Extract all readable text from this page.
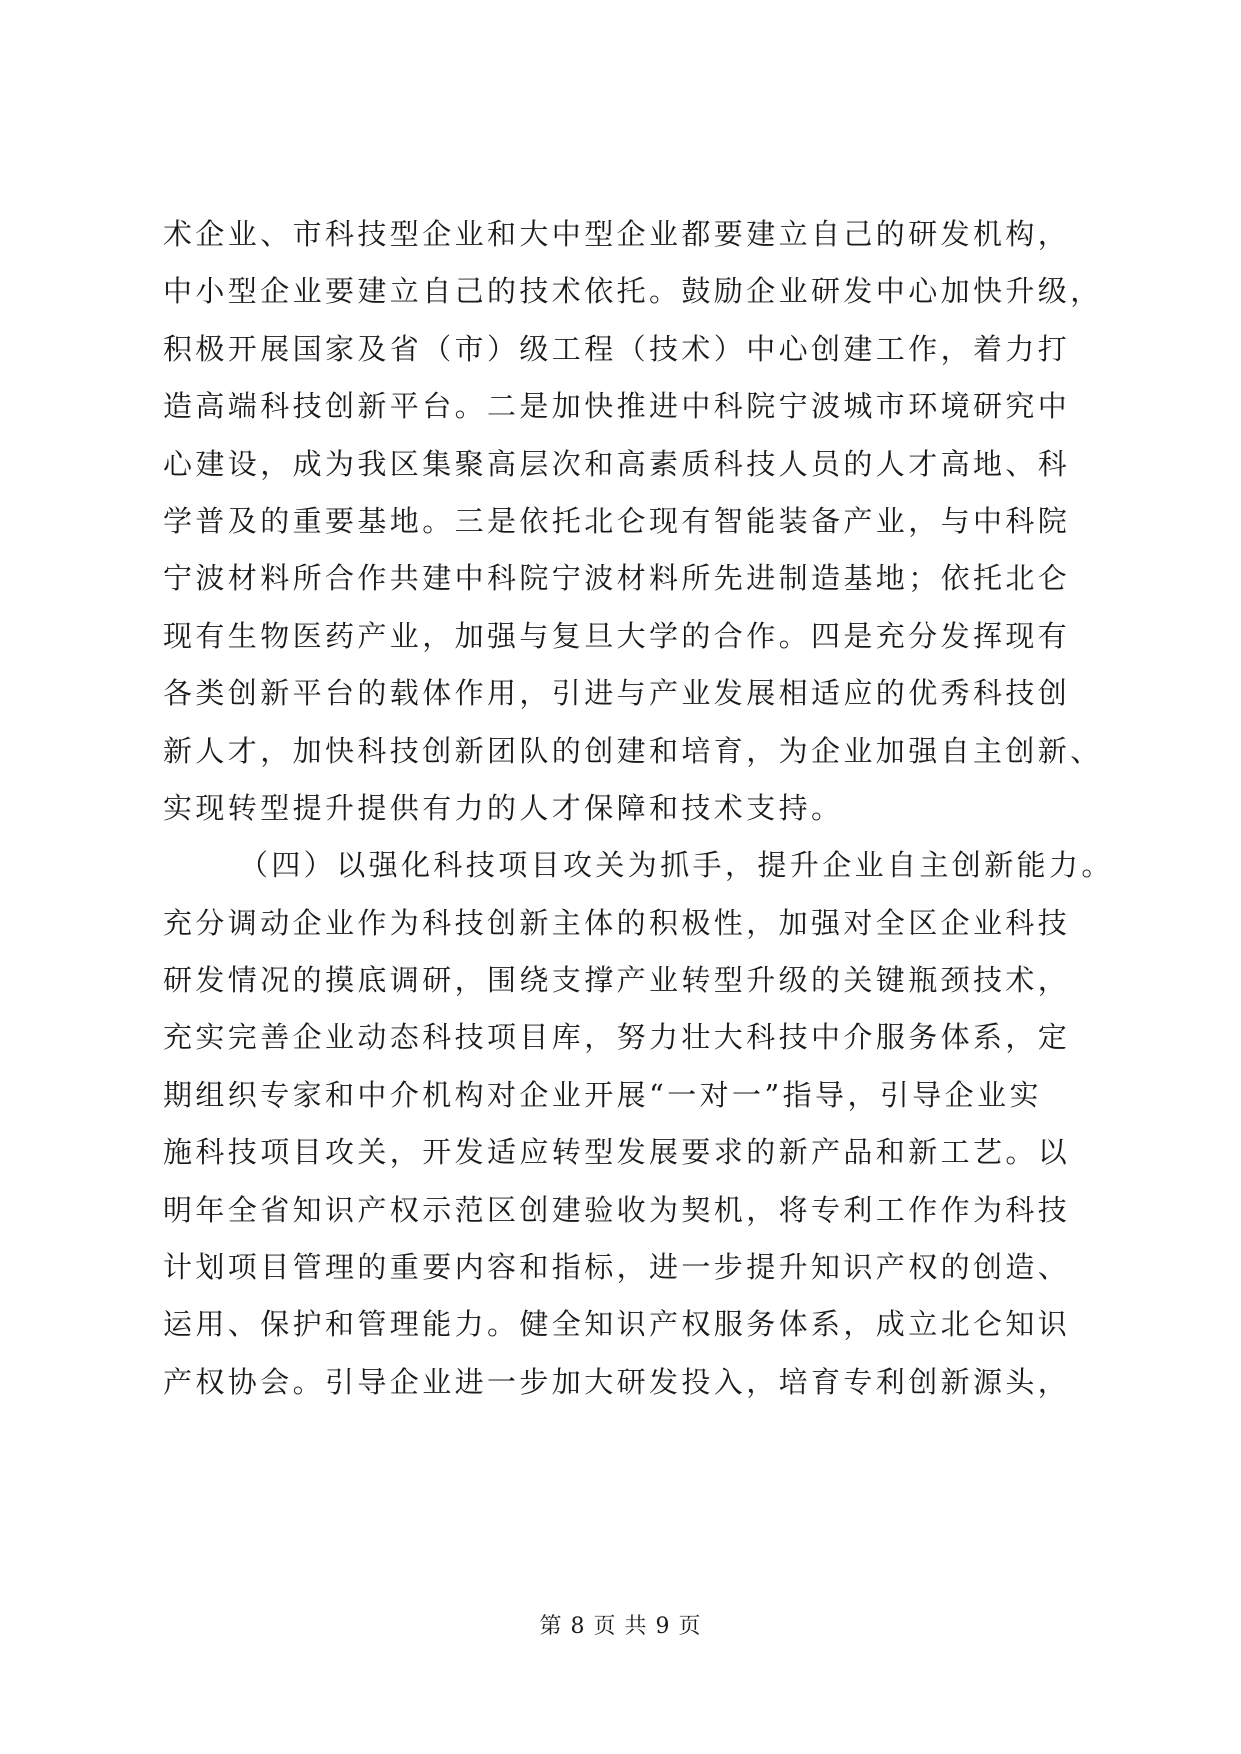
术企业、市科技型企业和大中型企业都要建立自己的研发机构，
中小型企业要建立自己的技术依托。鼓励企业研发中心加快升级，
积极开展国家及省（市）级工程（技术）中心创建工作，着力打
造高端科技创新平台。二是加快推进中科院宁波城市环境研究中
心建设，成为我区集聚高层次和高素质科技人员的人才高地、科
学普及的重要基地。三是依托北仑现有智能装备产业，与中科院
宁波材料所合作共建中科院宁波材料所先进制造基地；依托北仑
现有生物医药产业，加强与复旦大学的合作。四是充分发挥现有
各类创新平台的载体作用，引进与产业发展相适应的优秀科技创
新人才，加快科技创新团队的创建和培育，为企业加强自主创新、
实现转型提升提供有力的人才保障和技术支持。
（四）以强化科技项目攻关为抓手，提升企业自主创新能力。
充分调动企业作为科技创新主体的积极性，加强对全区企业科技
研发情况的摸底调研，围绕支撑产业转型升级的关键瓶颈技术，
充实完善企业动态科技项目库，努力壮大科技中介服务体系，定
期组织专家和中介机构对企业开展“一对一”指导，引导企业实
施科技项目攻关，开发适应转型发展要求的新产品和新工艺。以
明年全省知识产权示范区创建验收为契机，将专利工作作为科技
计划项目管理的重要内容和指标，进一步提升知识产权的创造、
运用、保护和管理能力。健全知识产权服务体系，成立北仑知识
产权协会。引导企业进一步加大研发投入，培育专利创新源头，
第 8 页 共 9 页
